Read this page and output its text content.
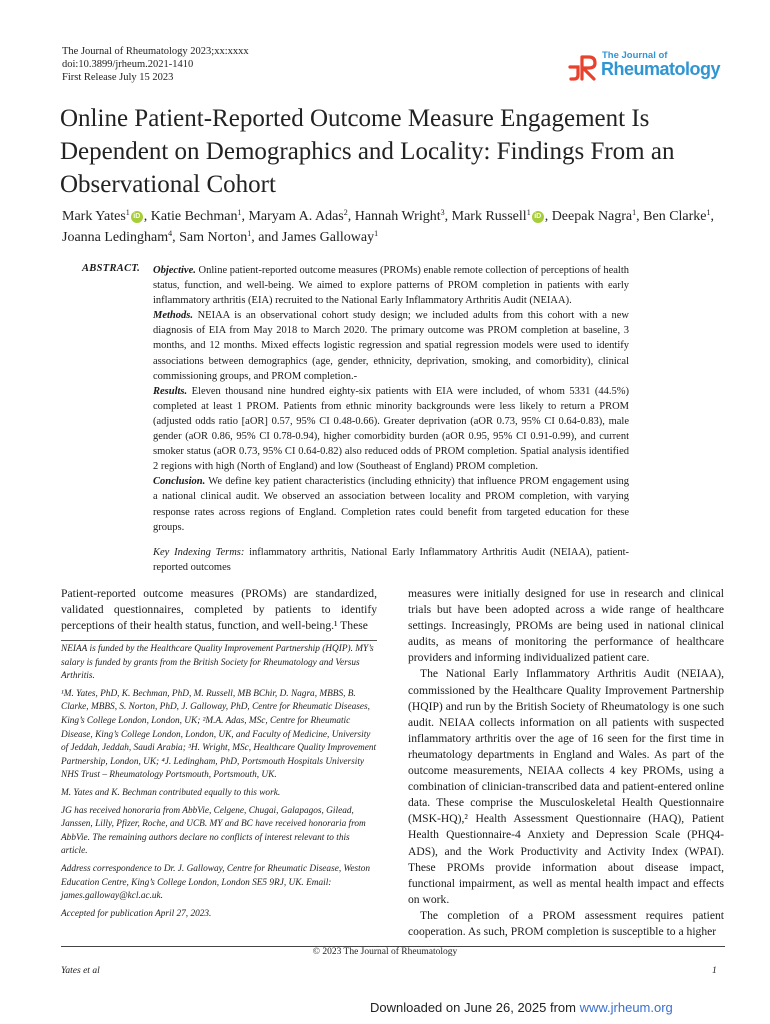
The Journal of Rheumatology 2023;xx:xxxx
doi:10.3899/jrheum.2021-1410
First Release July 15 2023
The Journal of
Rheumatology
Online Patient-Reported Outcome Measure Engagement Is Dependent on Demographics and Locality: Findings From an Observational Cohort
Mark Yates$^1$ iD , Katie Bechman$^1$, Maryam A. Adas$^2$, Hannah Wright$^3$, Mark Russell$^1$ iD , Deepak Nagra$^1$, Ben Clarke$^1$, Joanna Ledingham$^4$, Sam Norton$^1$, and James Galloway$^1$
ABSTRACT. Objective. Online patient-reported outcome measures (PROMs) enable remote collection of perceptions of health status, function, and well-being. We aimed to explore patterns of PROM completion in patients with early inflammatory arthritis (EIA) recruited to the National Early Inflammatory Arthritis Audit (NEIAA).

Methods. NEIAA is an observational cohort study design; we included adults from this cohort with a new diagnosis of EIA from May 2018 to March 2020. The primary outcome was PROM completion at baseline, 3 months, and 12 months. Mixed effects logistic regression and spatial regression models were used to identify associations between demographics (age, gender, ethnicity, deprivation, smoking, and comorbidity), clinical commissioning groups, and PROM completion.-

Results. Eleven thousand nine hundred eighty-six patients with EIA were included, of whom 5331 (44.5%) completed at least 1 PROM. Patients from ethnic minority backgrounds were less likely to return a PROM (adjusted odds ratio [aOR] 0.57, 95% CI 0.48-0.66). Greater deprivation (aOR 0.73, 95% CI 0.64-0.83), male gender (aOR 0.86, 95% CI 0.78-0.94), higher comorbidity burden (aOR 0.95, 95% CI 0.91-0.99), and current smoker status (aOR 0.73, 95% CI 0.64-0.82) also reduced odds of PROM completion. Spatial analysis identified 2 regions with high (North of England) and low (Southeast of England) PROM completion.

Conclusion. We define key patient characteristics (including ethnicity) that influence PROM engagement using a national clinical audit. We observed an association between locality and PROM completion, with varying response rates across regions of England. Completion rates could benefit from targeted education for these groups.

Key Indexing Terms: inflammatory arthritis, National Early Inflammatory Arthritis Audit (NEIAA), patient-reported outcomes

Patient-reported outcome measures (PROMs) are standardized, validated questionnaires, completed by patients to identify perceptions of their health status, function, and well-being.¹ These

NEIAA is funded by the Healthcare Quality Improvement Partnership (HQIP). MY’s salary is funded by grants from the British Society for Rheumatology and Versus Arthritis.

¹M. Yates, PhD, K. Bechman, PhD, M. Russell, MB BChir, D. Nagra, MBBS, B. Clarke, MBBS, S. Norton, PhD, J. Galloway, PhD, Centre for Rheumatic Diseases, King’s College London, London, UK; ²M.A. Adas, MSc, Centre for Rheumatic Disease, King’s College London, London, UK, and Faculty of Medicine, University of Jeddah, Jeddah, Saudi Arabia; ³H. Wright, MSc, Healthcare Quality Improvement Partnership, London, UK; ⁴J. Ledingham, PhD, Portsmouth Hospitals University NHS Trust – Rheumatology Portsmouth, Portsmouth, UK.

M. Yates and K. Bechman contributed equally to this work.

JG has received honoraria from AbbVie, Celgene, Chugai, Galapagos, Gilead, Janssen, Lilly, Pfizer, Roche, and UCB. MY and BC have received honoraria from AbbVie. The remaining authors declare no conflicts of interest relevant to this article.

Address correspondence to Dr. J. Galloway, Centre for Rheumatic Disease, Weston Education Centre, King’s College London, London SE5 9RJ, UK. Email: james.galloway@kcl.ac.uk.

Accepted for publication April 27, 2023.

measures were initially designed for use in research and clinical trials but have been adopted across a wide range of healthcare settings. Increasingly, PROMs are being used in national clinical audits, as means of monitoring the performance of healthcare providers and informing individualized patient care.

The National Early Inflammatory Arthritis Audit (NEIAA), commissioned by the Healthcare Quality Improvement Partnership (HQIP) and run by the British Society of Rheumatology is one such audit. NEIAA collects information on all patients with suspected inflammatory arthritis over the age of 16 seen for the first time in rheumatology departments in England and Wales. As part of the outcome measurements, NEIAA collects 4 key PROMs, using a combination of clinician-transcribed data and patient-entered online data. These comprise the Musculoskeletal Health Questionnaire (MSK-HQ),² Health Assessment Questionnaire (HAQ), Patient Health Questionnaire-4 Anxiety and Depression Scale (PHQ4-ADS), and the Work Productivity and Activity Index (WPAI). These PROMs provide information about disease impact, functional impairment, as well as mental health impact and effects on work.

The completion of a PROM assessment requires patient cooperation. As such, PROM completion is susceptible to a higher

© 2023 The Journal of Rheumatology
Yates et al	1
Downloaded on June 26, 2025 from www.jrheum.org
